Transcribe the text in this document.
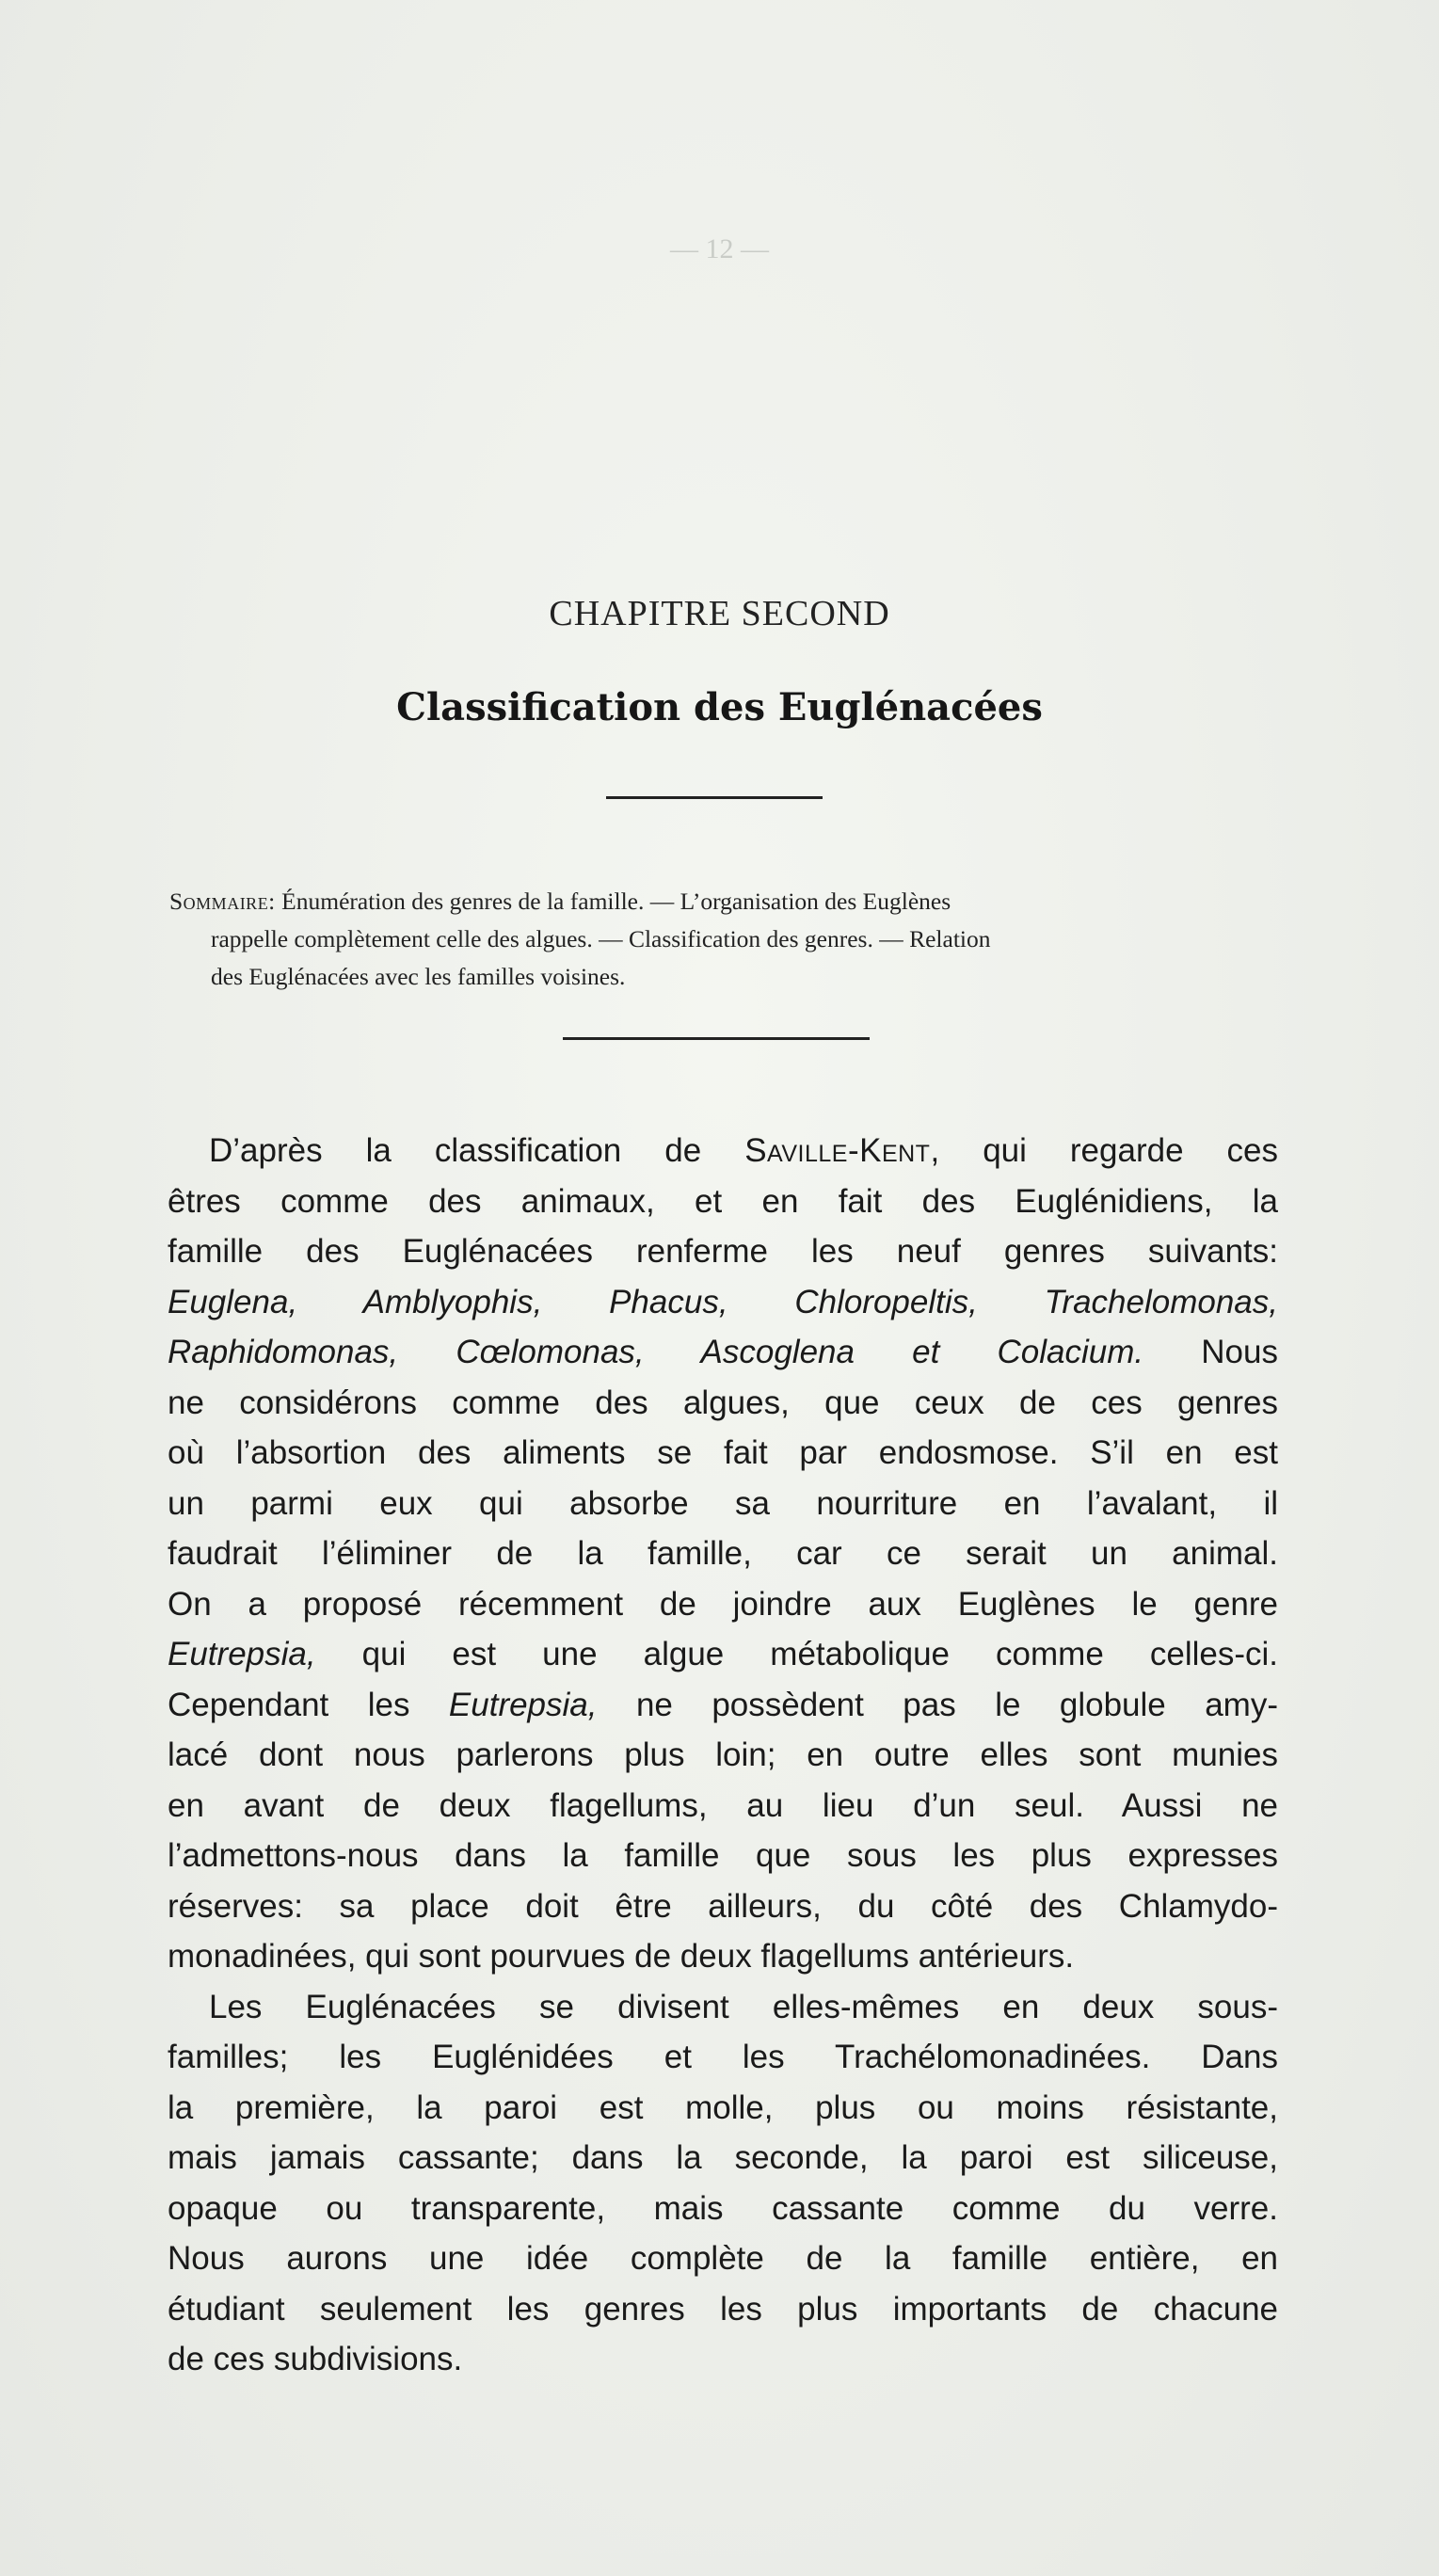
— 12 —
CHAPITRE SECOND
Classification des Euglénacées
Sommaire: Énumération des genres de la famille. — L’organisation des Euglènes
rappelle complètement celle des algues. — Classification des genres. — Relation
des Euglénacées avec les familles voisines.
D’après la classification de Saville-Kent, qui regarde ces
êtres comme des animaux, et en fait des Euglénidiens, la
famille des Euglénacées renferme les neuf genres suivants:
Euglena, Amblyophis, Phacus, Chloropeltis, Trachelomonas,
Raphidomonas, Cœlomonas, Ascoglena et Colacium. Nous
ne considérons comme des algues, que ceux de ces genres
où l’absortion des aliments se fait par endosmose. S’il en est
un parmi eux qui absorbe sa nourriture en l’avalant, il
faudrait l’éliminer de la famille, car ce serait un animal.
On a proposé récemment de joindre aux Euglènes le genre
Eutrepsia, qui est une algue métabolique comme celles-ci.
Cependant les Eutrepsia, ne possèdent pas le globule amy-
lacé dont nous parlerons plus loin; en outre elles sont munies
en avant de deux flagellums, au lieu d’un seul. Aussi ne
l’admettons-nous dans la famille que sous les plus expresses
réserves: sa place doit être ailleurs, du côté des Chlamydo-
monadinées, qui sont pourvues de deux flagellums antérieurs.
Les Euglénacées se divisent elles-mêmes en deux sous-
familles; les Euglénidées et les Trachélomonadinées. Dans
la première, la paroi est molle, plus ou moins résistante,
mais jamais cassante; dans la seconde, la paroi est siliceuse,
opaque ou transparente, mais cassante comme du verre.
Nous aurons une idée complète de la famille entière, en
étudiant seulement les genres les plus importants de chacune
de ces subdivisions.
